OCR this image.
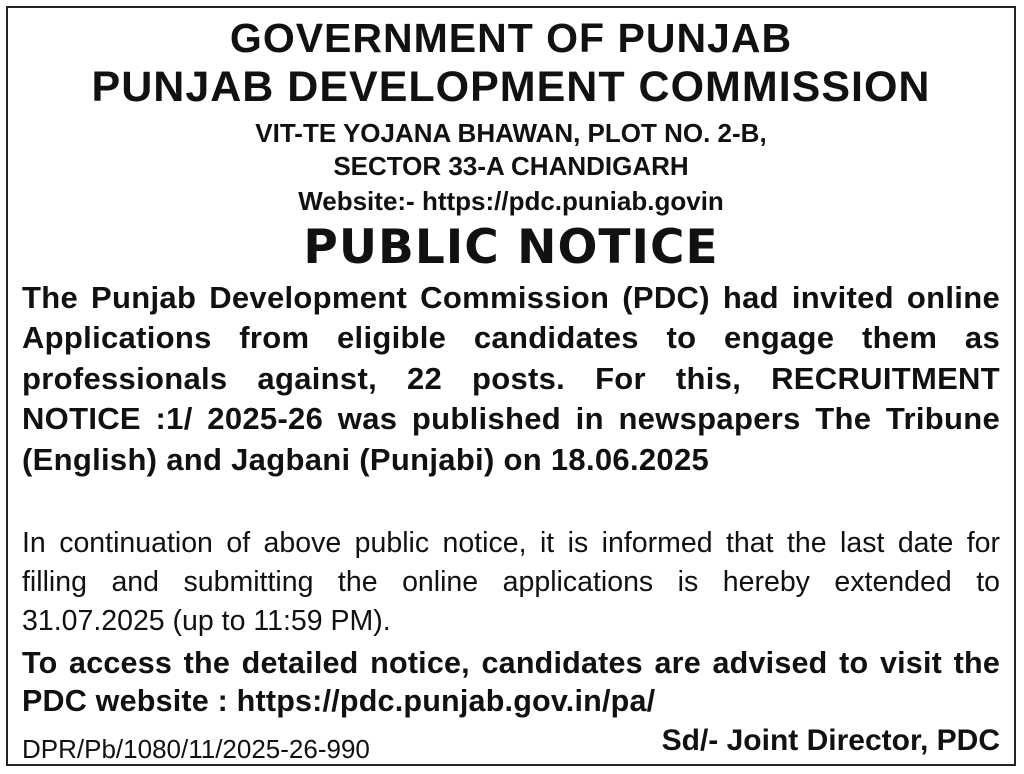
GOVERNMENT OF PUNJAB
PUNJAB DEVELOPMENT COMMISSION
VIT-TE YOJANA BHAWAN, PLOT NO. 2-B,
SECTOR 33-A CHANDIGARH
Website:- https://pdc.puniab.govin
PUBLIC NOTICE

The Punjab Development Commission (PDC) had invited online Applications from eligible candidates to engage them as professionals against, 22 posts. For this, RECRUITMENT NOTICE :1/ 2025-26 was published in newspapers The Tribune (English) and Jagbani (Punjabi) on 18.06.2025

In continuation of above public notice, it is informed that the last date for filling and submitting the online applications is hereby extended to 31.07.2025 (up to 11:59 PM).

To access the detailed notice, candidates are advised to visit the PDC website : https://pdc.punjab.gov.in/pa/

DPR/Pb/1080/11/2025-26-990	Sd/- Joint Director, PDC
